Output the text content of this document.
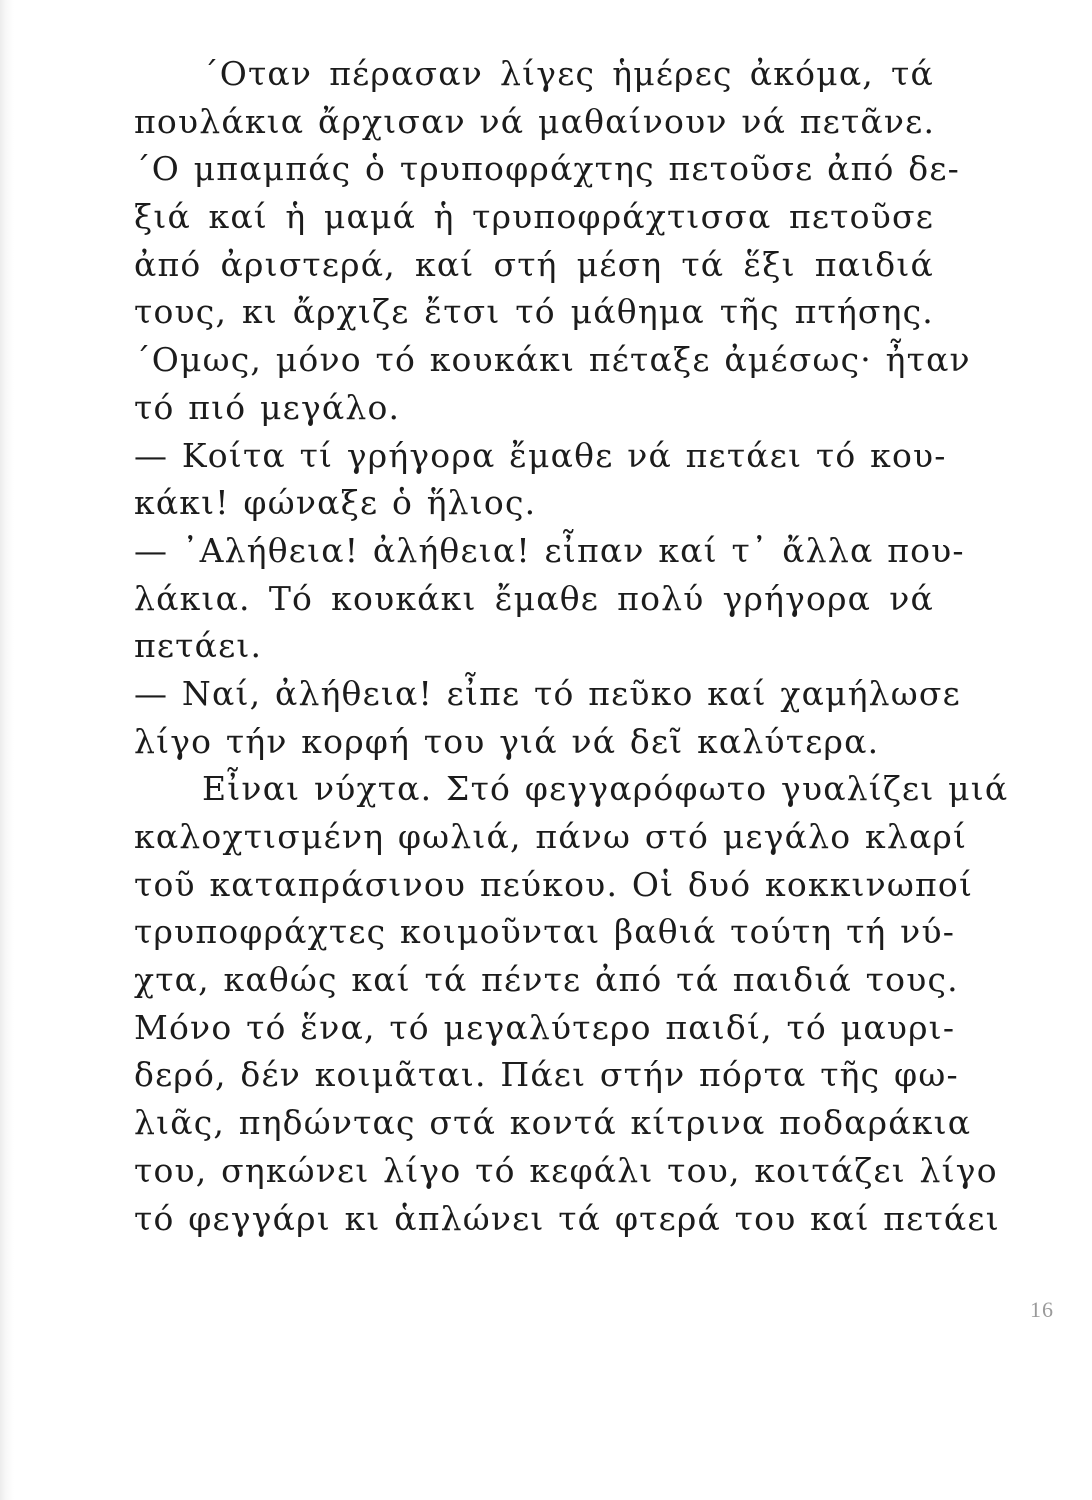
΄Οταν πέρασαν λίγες ἡμέρες ἀκόμα, τά
πουλάκια ἄρχισαν νά μαθαίνουν νά πετᾶνε.
΄Ο μπαμπάς ὁ τρυποφράχτης πετοῦσε ἀπό δε-
ξιά καί ἡ μαμά ἡ τρυποφράχτισσα πετοῦσε
ἀπό ἀριστερά, καί στή μέση τά ἕξι παιδιά
τους, κι ἄρχιζε ἔτσι τό μάθημα τῆς πτήσης.
΄Ομως, μόνο τό κουκάκι πέταξε ἀμέσως· ἦταν
τό πιό μεγάλο.
— Κοίτα τί γρήγορα ἔμαθε νά πετάει τό κου-
κάκι! φώναξε ὁ ἥλιος.
— ᾽Αλήθεια! ἀλήθεια! εἶπαν καί τ᾽ ἄλλα που-
λάκια. Τό κουκάκι ἔμαθε πολύ γρήγορα νά
πετάει.
— Ναί, ἀλήθεια! εἶπε τό πεῦκο καί χαμήλωσε
λίγο τήν κορφή του γιά νά δεῖ καλύτερα.
Εἶναι νύχτα. Στό φεγγαρόφωτο γυαλίζει μιά
καλοχτισμένη φωλιά, πάνω στό μεγάλο κλαρί
τοῦ καταπράσινου πεύκου. Οἱ δυό κοκκινωποί
τρυποφράχτες κοιμοῦνται βαθιά τούτη τή νύ-
χτα, καθώς καί τά πέντε ἀπό τά παιδιά τους.
Μόνο τό ἕνα, τό μεγαλύτερο παιδί, τό μαυρι-
δερό, δέν κοιμᾶται. Πάει στήν πόρτα τῆς φω-
λιᾶς, πηδώντας στά κοντά κίτρινα ποδαράκια
του, σηκώνει λίγο τό κεφάλι του, κοιτάζει λίγο
τό φεγγάρι κι ἁπλώνει τά φτερά του καί πετάει
16
